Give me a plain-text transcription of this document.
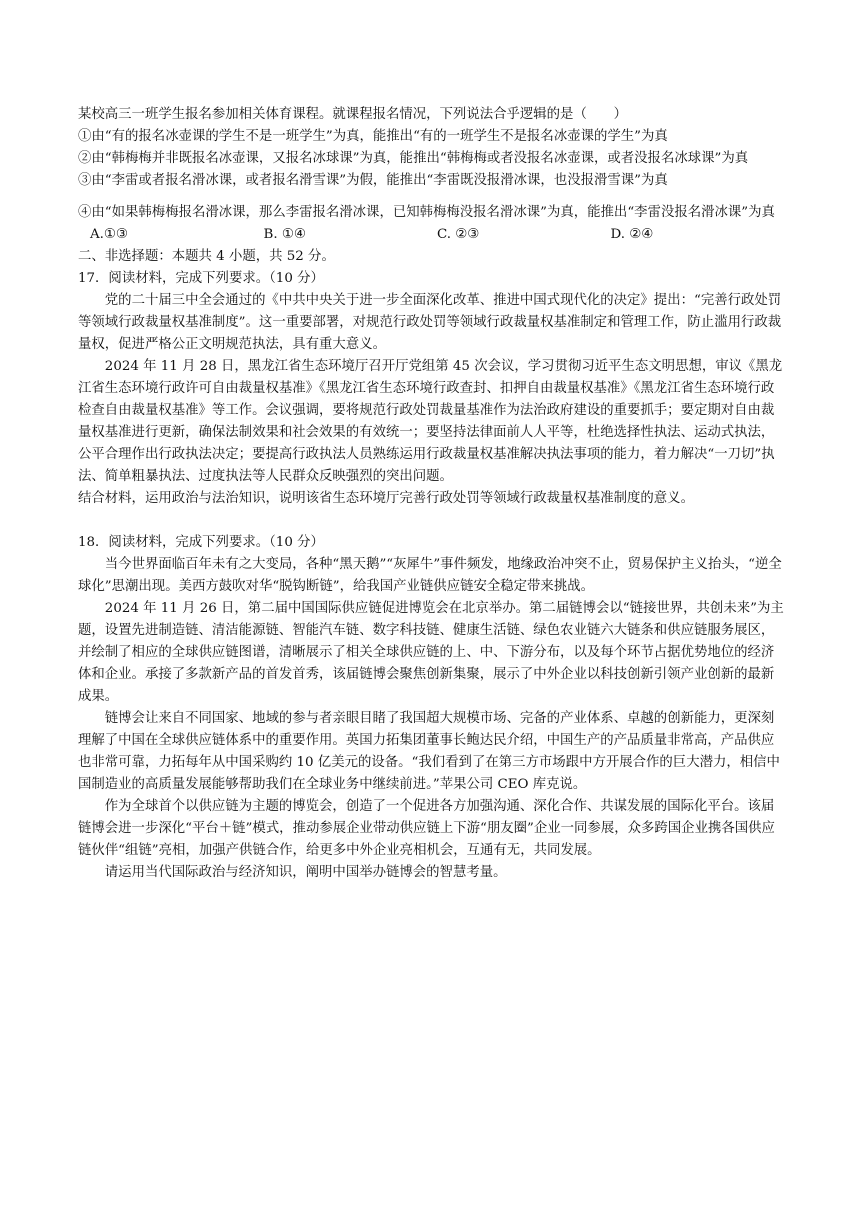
某校高三一班学生报名参加相关体育课程。就课程报名情况，下列说法合乎逻辑的是（　　）

①由“有的报名冰壶课的学生不是一班学生”为真，能推出“有的一班学生不是报名冰壶课的学生”为真

②由“韩梅梅并非既报名冰壶课，又报名冰球课”为真，能推出“韩梅梅或者没报名冰壶课，或者没报名冰球课”为真

③由“李雷或者报名滑冰课，或者报名滑雪课”为假，能推出“李雷既没报滑冰课，也没报滑雪课”为真

④由“如果韩梅梅报名滑冰课，那么李雷报名滑冰课，已知韩梅梅没报名滑冰课”为真，能推出“李雷没报名滑冰课”为真

A.①③	B. ①④	C. ②③	D. ②④

二、非选择题：本题共 4 小题，共 52 分。

17．阅读材料，完成下列要求。（10 分）

党的二十届三中全会通过的《中共中央关于进一步全面深化改革、推进中国式现代化的决定》提出：“完善行政处罚等领域行政裁量权基准制度”。这一重要部署，对规范行政处罚等领域行政裁量权基准制定和管理工作，防止滥用行政裁量权，促进严格公正文明规范执法，具有重大意义。

2024 年 11 月 28 日，黑龙江省生态环境厅召开厅党组第 45 次会议，学习贯彻习近平生态文明思想，审议《黑龙江省生态环境行政许可自由裁量权基准》《黑龙江省生态环境行政查封、扣押自由裁量权基准》《黑龙江省生态环境行政检查自由裁量权基准》等工作。会议强调，要将规范行政处罚裁量基准作为法治政府建设的重要抓手；要定期对自由裁量权基准进行更新，确保法制效果和社会效果的有效统一；要坚持法律面前人人平等，杜绝选择性执法、运动式执法，公平合理作出行政执法决定；要提高行政执法人员熟练运用行政裁量权基准解决执法事项的能力，着力解决“一刀切”执法、简单粗暴执法、过度执法等人民群众反映强烈的突出问题。

结合材料，运用政治与法治知识，说明该省生态环境厅完善行政处罚等领域行政裁量权基准制度的意义。

18．阅读材料，完成下列要求。（10 分）

当今世界面临百年未有之大变局，各种“黑天鹅”“灰犀牛”事件频发，地缘政治冲突不止，贸易保护主义抬头，“逆全球化”思潮出现。美西方鼓吹对华“脱钩断链”，给我国产业链供应链安全稳定带来挑战。

2024 年 11 月 26 日，第二届中国国际供应链促进博览会在北京举办。第二届链博会以“链接世界，共创未来”为主题，设置先进制造链、清洁能源链、智能汽车链、数字科技链、健康生活链、绿色农业链六大链条和供应链服务展区，并绘制了相应的全球供应链图谱，清晰展示了相关全球供应链的上、中、下游分布，以及每个环节占据优势地位的经济体和企业。承接了多款新产品的首发首秀，该届链博会聚焦创新集聚，展示了中外企业以科技创新引领产业创新的最新成果。

链博会让来自不同国家、地域的参与者亲眼目睹了我国超大规模市场、完备的产业体系、卓越的创新能力，更深刻理解了中国在全球供应链体系中的重要作用。英国力拓集团董事长鲍达民介绍，中国生产的产品质量非常高，产品供应也非常可靠，力拓每年从中国采购约 10 亿美元的设备。“我们看到了在第三方市场跟中方开展合作的巨大潜力，相信中国制造业的高质量发展能够帮助我们在全球业务中继续前进。”苹果公司 CEO 库克说。

作为全球首个以供应链为主题的博览会，创造了一个促进各方加强沟通、深化合作、共谋发展的国际化平台。该届链博会进一步深化“平台＋链”模式，推动参展企业带动供应链上下游“朋友圈”企业一同参展，众多跨国企业携各国供应链伙伴“组链”亮相，加强产供链合作，给更多中外企业亮相机会，互通有无，共同发展。

请运用当代国际政治与经济知识，阐明中国举办链博会的智慧考量。
